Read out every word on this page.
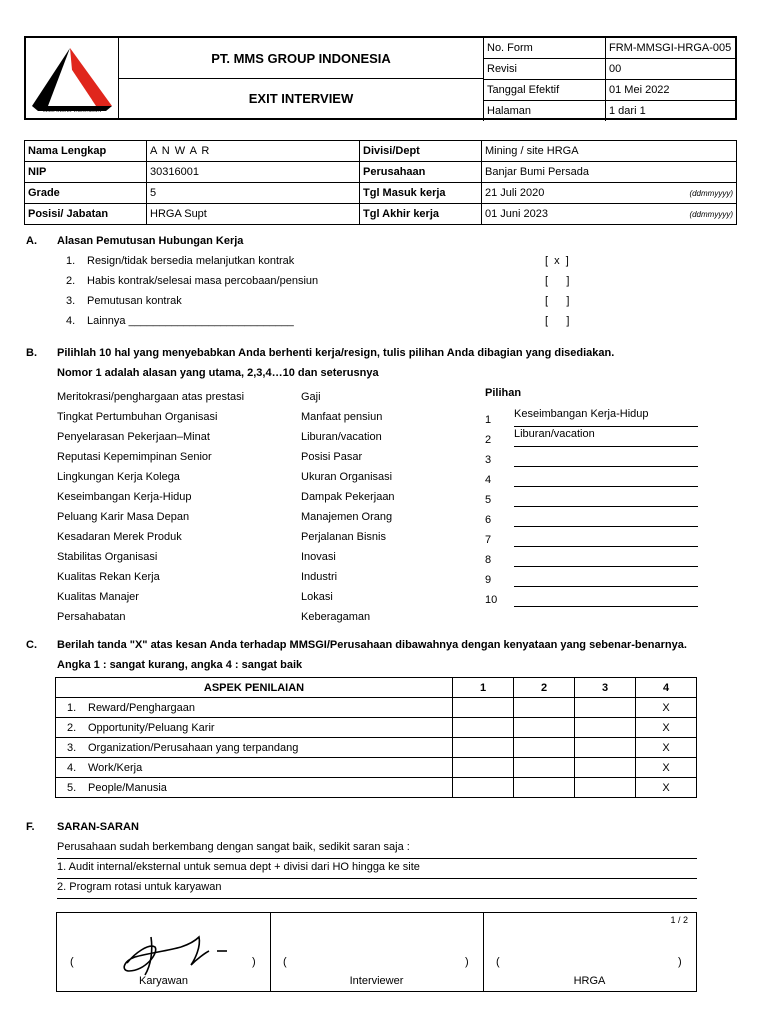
MMS GROUP INDONESIA
PT. MMS GROUP INDONESIA
EXIT INTERVIEW
No. Form	FRM-MMSGI-HRGA-005
Revisi	00
Tanggal Efektif	01 Mei 2022
Halaman	1 dari 1
Nama Lengkap	A N W A R	Divisi/Dept	Mining / site HRGA
NIP	30316001	Perusahaan	Banjar Bumi Persada
Grade	5	Tgl Masuk kerja	21 Juli 2020 (ddmmyyyy)

Posisi/ Jabatan	HRGA Supt	Tgl Akhir kerja	01 Juni 2023 (ddmmyyyy)
A. Alasan Pemutusan Hubungan Kerja
1. Resign/tidak bersedia melanjutkan kontrak	[  x  ]
2. Habis kontrak/selesai masa percobaan/pensiun	[      ]
3. Pemutusan kontrak	[      ]
4. Lainnya ___________________________	[      ]
B. Pilihlah 10 hal yang menyebabkan Anda berhenti kerja/resign, tulis pilihan Anda dibagian yang disediakan.
Nomor 1 adalah alasan yang utama, 2,3,4…10 dan seterusnya
Meritokrasi/penghargaan atas prestasi
Tingkat Pertumbuhan Organisasi
Penyelarasan Pekerjaan–Minat
Reputasi Kepemimpinan Senior
Lingkungan Kerja Kolega
Keseimbangan Kerja-Hidup
Peluang Karir Masa Depan
Kesadaran Merek Produk
Stabilitas Organisasi
Kualitas Rekan Kerja
Kualitas Manajer
Persahabatan
Gaji
Manfaat pensiun
Liburan/vacation
Posisi Pasar
Ukuran Organisasi
Dampak Pekerjaan
Manajemen Orang
Perjalanan Bisnis
Inovasi
Industri
Lokasi
Keberagaman
Pilihan
1	Keseimbangan Kerja-Hidup
2	Liburan/vacation
3
4
5
6
7
8
9
10
C. Berilah tanda "X" atas kesan Anda terhadap MMSGI/Perusahaan dibawahnya dengan kenyataan yang sebenar-benarnya.
Angka 1 : sangat kurang, angka 4 : sangat baik
ASPEK PENILAIAN	1	2	3	4
1. Reward/Penghargaan				X
2. Opportunity/Peluang Karir				X
3. Organization/Perusahaan yang terpandang				X
4. Work/Kerja				X
5. People/Manusia				X
F. SARAN-SARAN
Perusahaan sudah berkembang dengan sangat baik, sedikit saran saja :
1. Audit internal/eksternal untuk semua dept + divisi dari HO hingga ke site
2. Program rotasi untuk karyawan
(	)
Karyawan
(	)
Interviewer
1 / 2
(	)
HRGA
